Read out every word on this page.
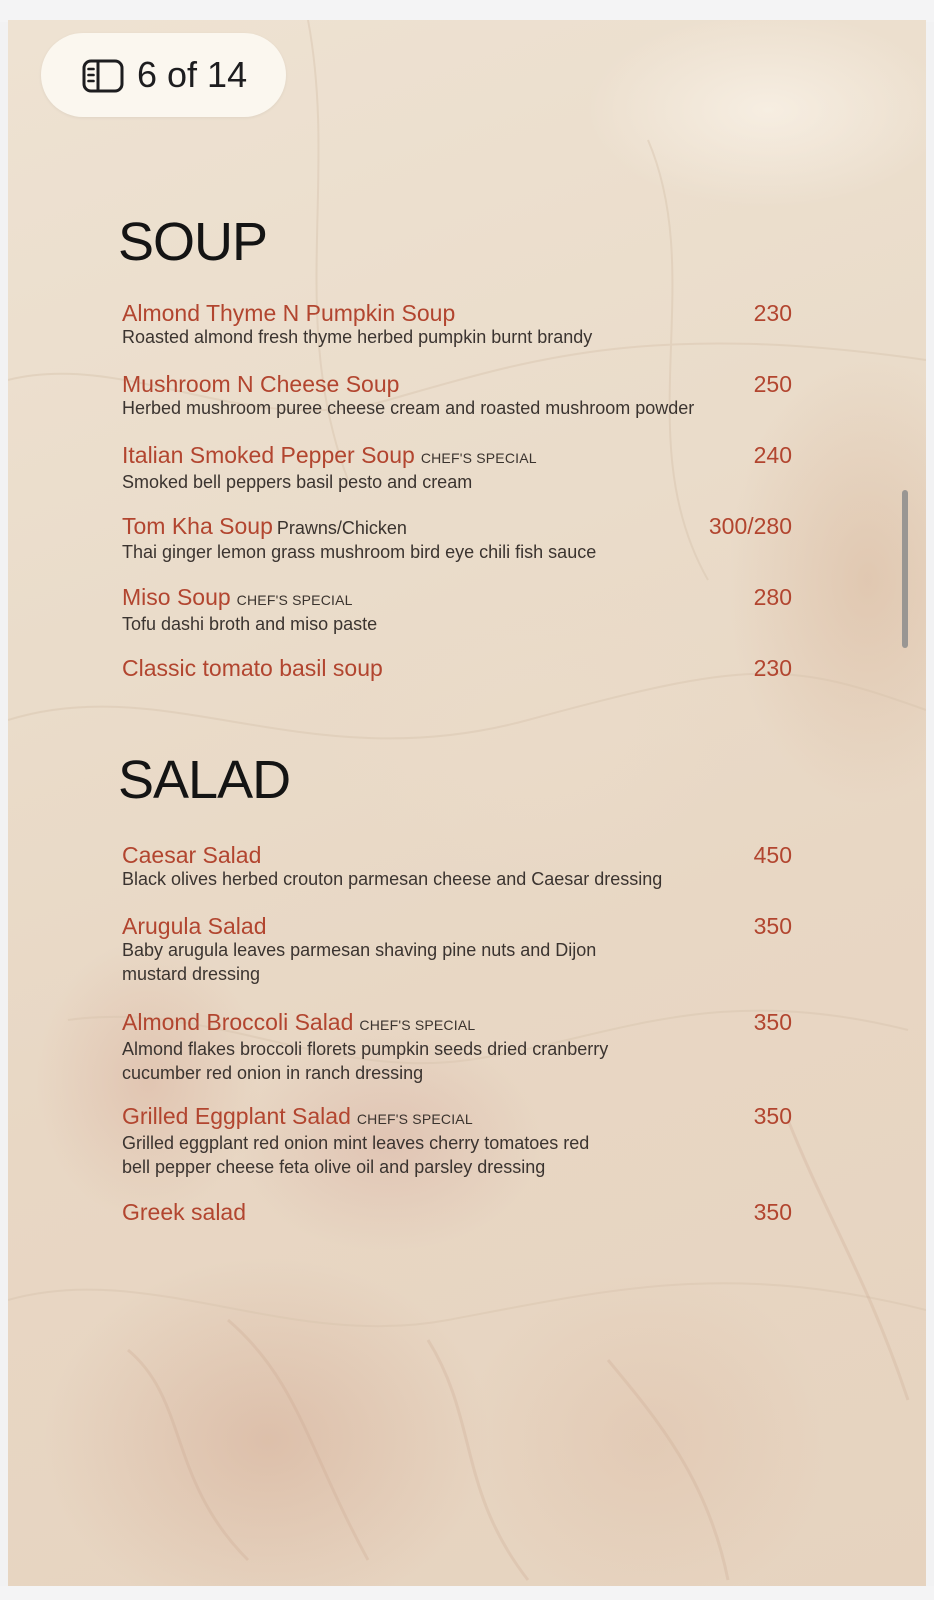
6 of 14
SOUP
Almond Thyme N Pumpkin Soup
Roasted almond fresh thyme herbed pumpkin burnt brandy
230
Mushroom N Cheese Soup
Herbed mushroom puree cheese cream and roasted mushroom powder
250
Italian Smoked Pepper Soup CHEF'S SPECIAL
Smoked bell peppers basil pesto and cream
240
Tom Kha Soup Prawns/Chicken
Thai ginger lemon grass mushroom bird eye chili fish sauce
300/280
Miso Soup CHEF'S SPECIAL
Tofu dashi broth and miso paste
280
Classic tomato basil soup	230
SALAD
Caesar Salad
Black olives herbed crouton parmesan cheese and Caesar dressing
450
Arugula Salad
Baby arugula leaves parmesan shaving pine nuts and Dijon mustard dressing
350
Almond Broccoli Salad CHEF'S SPECIAL
Almond flakes broccoli florets pumpkin seeds dried cranberry cucumber red onion in ranch dressing
350
Grilled Eggplant Salad CHEF'S SPECIAL
Grilled eggplant red onion mint leaves cherry tomatoes red bell pepper cheese feta olive oil and parsley dressing
350
Greek salad	350
